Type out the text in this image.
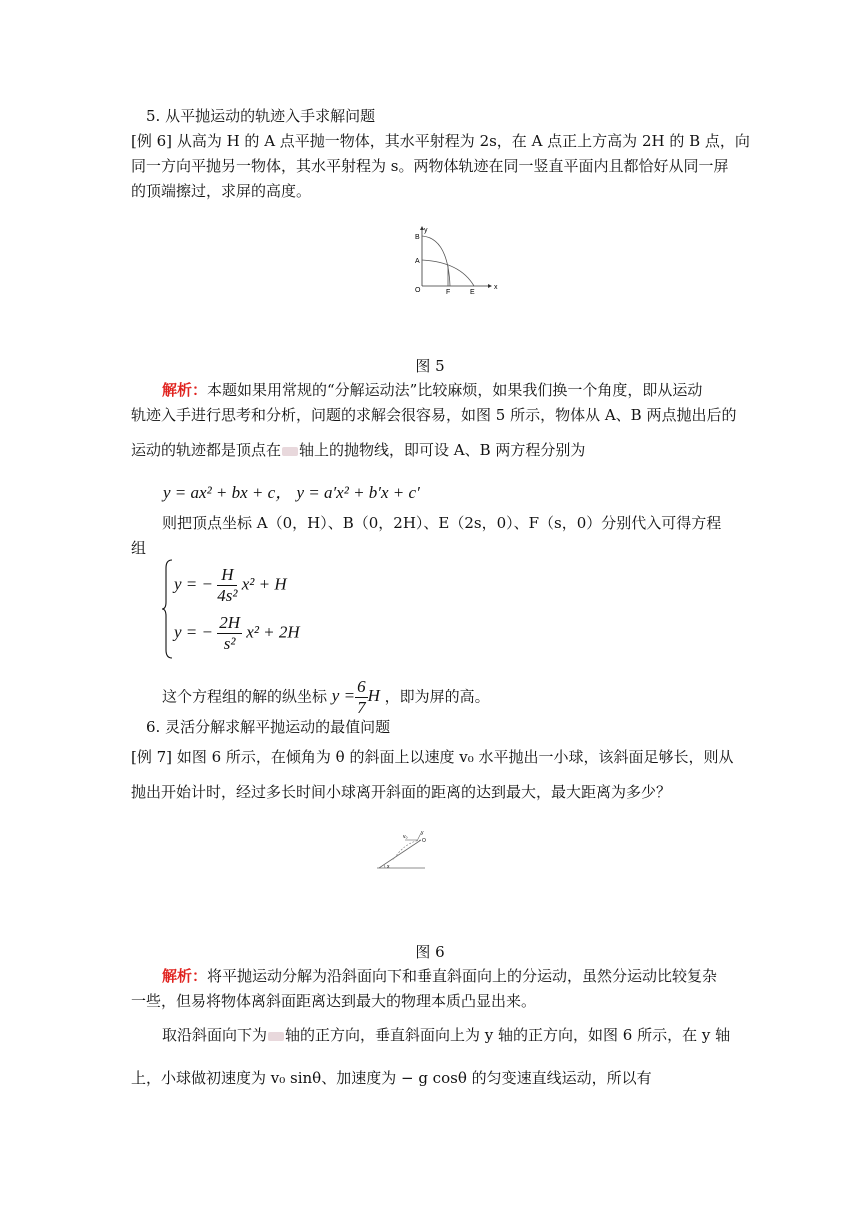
5. 从平抛运动的轨迹入手求解问题
[例 6] 从高为 H 的 A 点平抛一物体，其水平射程为 2s，在 A 点正上方高为 2H 的 B 点，向
同一方向平抛另一物体，其水平射程为 s。两物体轨迹在同一竖直平面内且都恰好从同一屏
的顶端擦过，求屏的高度。
y
B
A
O	F	E
x
图 5
解析：本题如果用常规的“分解运动法”比较麻烦，如果我们换一个角度，即从运动
轨迹入手进行思考和分析，问题的求解会很容易，如图 5 所示，物体从 A、B 两点抛出后的
运动的轨迹都是顶点在 轴上的抛物线，即可设 A、B 两方程分别为
y = ax² + bx + c， y = a′x² + b′x + c′
则把顶点坐标 A（0，H）、B（0，2H）、E（2s，0）、F（s，0）分别代入可得方程
组
y = − $\frac{H}{\text{4s²}} x^2 + H$
y = − $\frac{2H}{\text{s²}} x^2 + 2H$
这个方程组的解的纵坐标 $y = \frac{6}{7}$ H ，即为屏的高。
6. 灵活分解求解平抛运动的最值问题
[例 7] 如图 6 所示，在倾角为 θ 的斜面上以速度 v₀ 水平抛出一小球，该斜面足够长，则从
抛出开始计时，经过多长时间小球离开斜面的距离的达到最大，最大距离为多少？
v₀
y
O
x
图 6
解析：将平抛运动分解为沿斜面向下和垂直斜面向上的分运动，虽然分运动比较复杂
一些，但易将物体离斜面距离达到最大的物理本质凸显出来。
取沿斜面向下为 轴的正方向，垂直斜面向上为 y 轴的正方向，如图 6 所示，在 y 轴
上，小球做初速度为 v₀ sinθ、加速度为 − g cosθ 的匀变速直线运动，所以有
